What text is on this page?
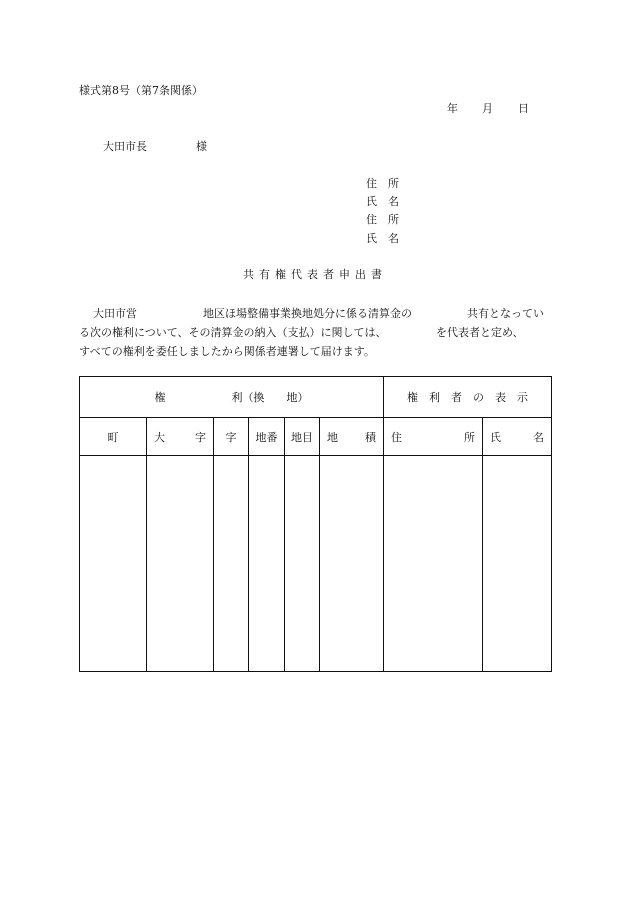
様式第8号（第7条関係）
年 月 日
大田市長	様
住　所
氏　名
住　所
氏　名
共有権代表者申出書
大田市営　　　　　　地区ほ場整備事業換地処分に係る清算金の　　　　　共有となってい
る次の権利について、その清算金の納入（支払）に関しては、　　　　　を代表者と定め、
すべての権利を委任しましたから関係者連署して届けます。
権　　　　　　利（換　　地）						権　利　者　の　表　示	
町	大 字	字	地番	地目	地 積	住 所	氏 名
